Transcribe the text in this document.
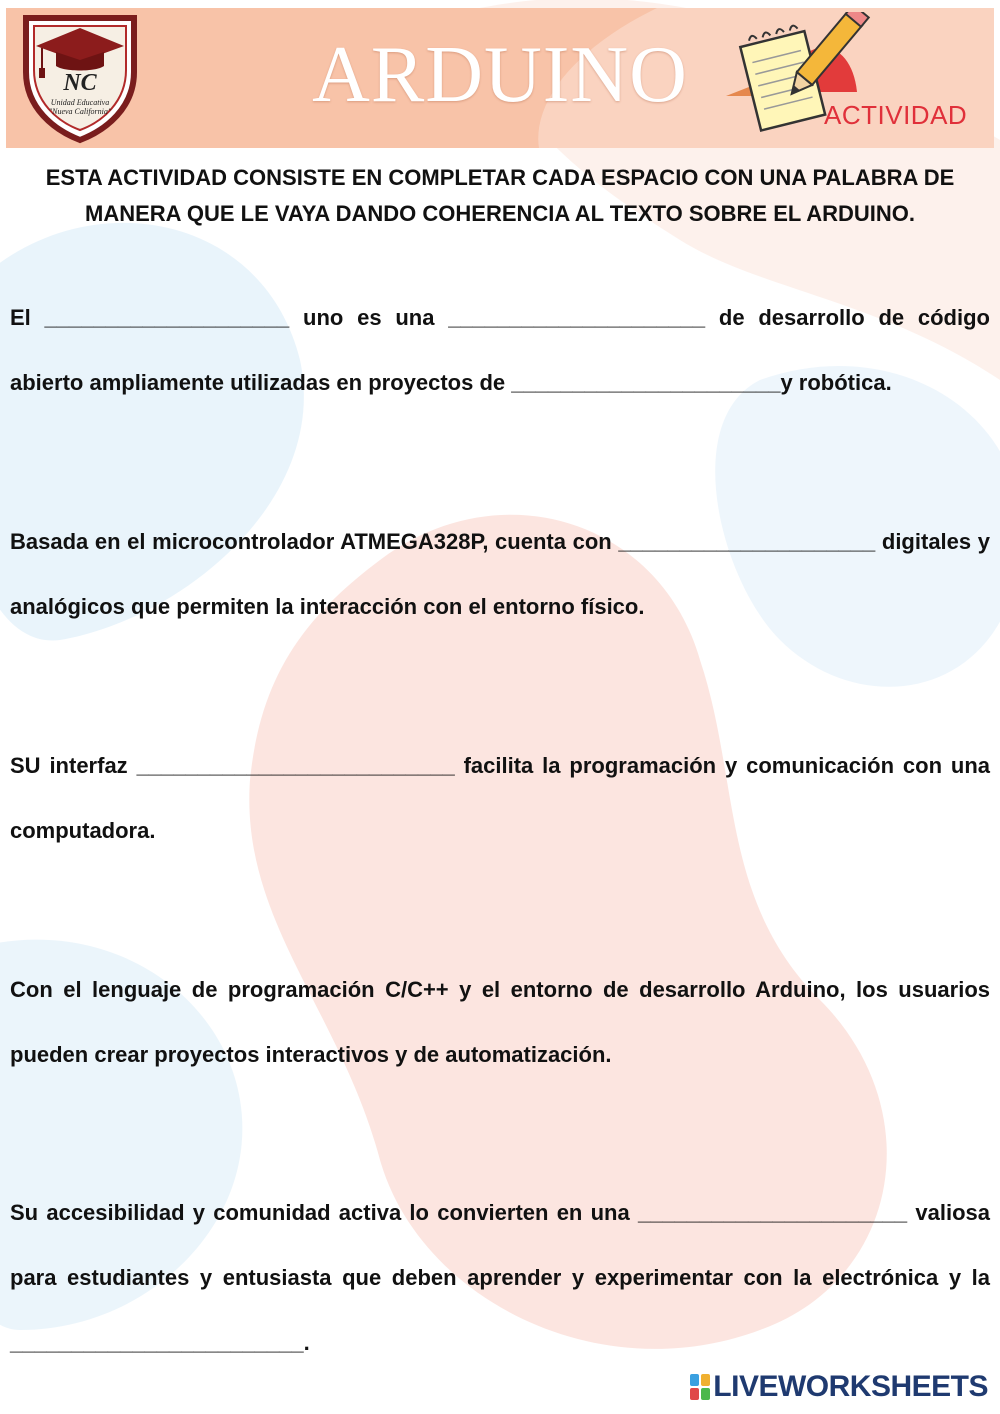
ARDUINO
NC
Unidad Educativa
"Nueva California"	ACTIVIDAD
ESTA ACTIVIDAD CONSISTE EN COMPLETAR CADA ESPACIO CON UNA PALABRA DE MANERA QUE LE VAYA DANDO COHERENCIA AL TEXTO SOBRE EL ARDUINO.

El ____________________ uno es una _____________________ de desarrollo de código abierto ampliamente utilizadas en proyectos de ______________________y robótica.

Basada en el microcontrolador ATMEGA328P, cuenta con _____________________ digitales y analógicos que permiten la interacción con el entorno físico.

SU interfaz __________________________ facilita la programación y comunicación con una computadora.

Con el lenguaje de programación C/C++ y el entorno de desarrollo Arduino, los usuarios pueden crear proyectos interactivos y de automatización.

Su accesibilidad y comunidad activa lo convierten en una ______________________ valiosa para estudiantes y entusiasta que deben aprender y experimentar con la electrónica y la ________________________.

LIVEWORKSHEETS
